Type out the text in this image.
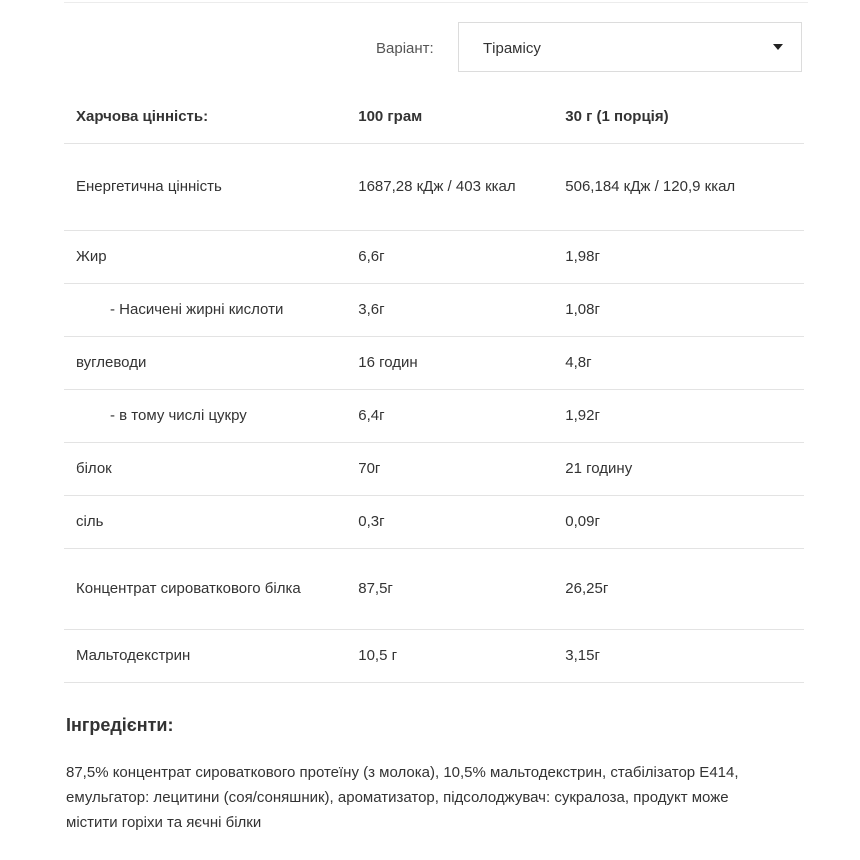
Варіант:	Тірамісу
Харчова цінність:	100 грам	30 г (1 порція)
Енергетична цінність	1687,28 кДж / 403 ккал	506,184 кДж / 120,9 ккал
Жир	6,6г	1,98г
- Насичені жирні кислоти	3,6г	1,08г
вуглеводи	16 годин	4,8г
- в тому числі цукру	6,4г	1,92г
білок	70г	21 годину
сіль	0,3г	0,09г
Концентрат сироваткового білка	87,5г	26,25г
Мальтодекстрин	10,5 г	3,15г
Інгредієнти:
87,5% концентрат сироваткового протеїну (з молока), 10,5% мальтодекстрин, стабілізатор E414, емульгатор: лецитини (соя/соняшник), ароматизатор, підсолоджувач: сукралоза, продукт може містити горіхи та яєчні білки
